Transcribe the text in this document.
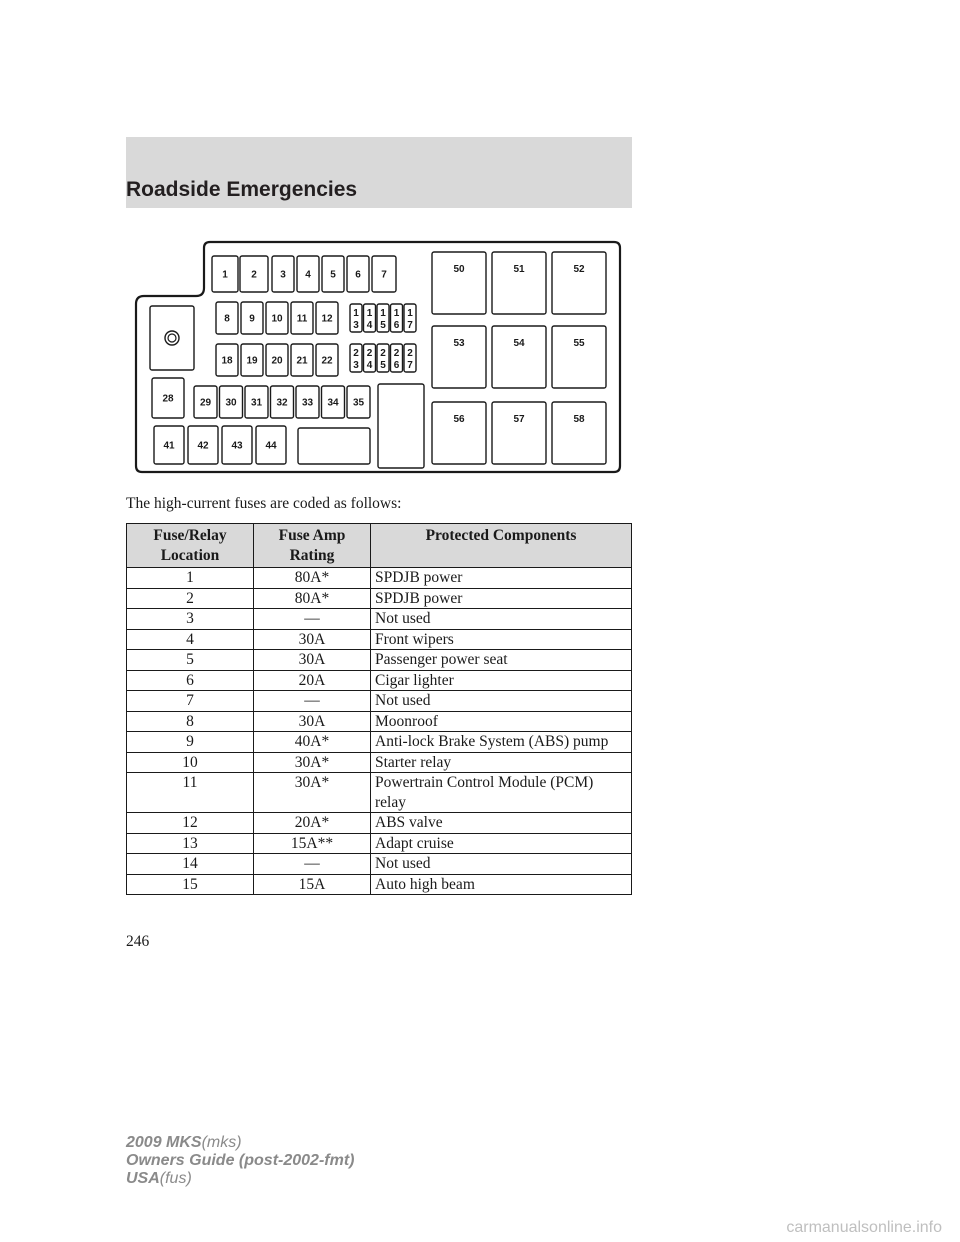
Roadside Emergencies
1 2 3 4 5 6 7
8 9 10 11 12
1
3
1
4
1
5
1
6
1
7
18 19 20 21 22
2
3
2
4
2
5
2
6
2
7
28	29 30 31 32 33 34 35
41 42 43 44
50	51	52
53	54	55
56	57	58
The high-current fuses are coded as follows:
Fuse/Relay Location	Fuse Amp Rating	Protected Components
1	80A*	SPDJB power
2	80A*	SPDJB power
3	—	Not used
4	30A	Front wipers
5	30A	Passenger power seat
6	20A	Cigar lighter
7	—	Not used
8	30A	Moonroof
9	40A*	Anti-lock Brake System (ABS) pump
10	30A*	Starter relay
11	30A*	Powertrain Control Module (PCM) relay
12	20A*	ABS valve
13	15A**	Adapt cruise
14	—	Not used
15	15A	Auto high beam
246
2009 MKS(mks)
Owners Guide (post-2002-fmt)
USA(fus)
carmanualsonline.info
